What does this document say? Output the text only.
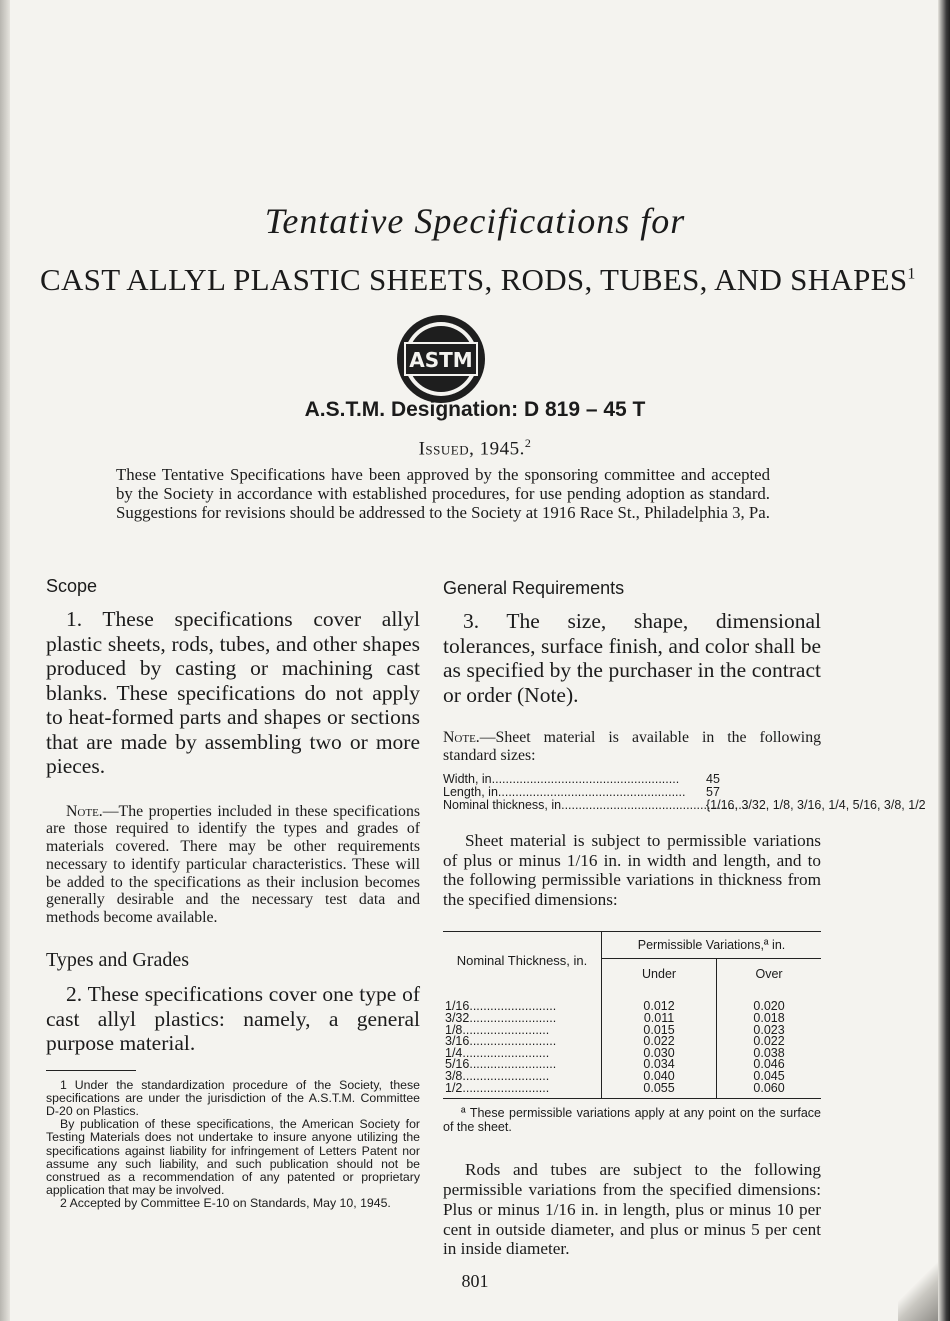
Tentative Specifications for
CAST ALLYL PLASTIC SHEETS, RODS, TUBES, AND SHAPES$^1$
ASTM
A.S.T.M. Designation: D 819 – 45 T
Issued, 1945.$^2$
These Tentative Specifications have been approved by the sponsoring committee and accepted by the Society in accordance with established procedures, for use pending adoption as standard. Suggestions for revisions should be addressed to the Society at 1916 Race St., Philadelphia 3, Pa.
Scope

1. These specifications cover allyl plastic sheets, rods, tubes, and other shapes produced by casting or machining cast blanks. These specifications do not apply to heat-formed parts and shapes or sections that are made by assembling two or more pieces.

Note.—The properties included in these specifications are those required to identify the types and grades of materials covered. There may be other requirements necessary to identify particular characteristics. These will be added to the specifications as their inclusion becomes generally desirable and the necessary test data and methods become available.

Types and Grades

2. These specifications cover one type of cast allyl plastics: namely, a general purpose material.

1 Under the standardization procedure of the Society, these specifications are under the jurisdiction of the A.S.T.M. Committee D-20 on Plastics.

By publication of these specifications, the American Society for Testing Materials does not undertake to insure anyone utilizing the specifications against liability for infringement of Letters Patent nor assume any such liability, and such publication should not be construed as a recommendation of any patented or proprietary application that may be involved.

2 Accepted by Committee E-10 on Standards, May 10, 1945.

General Requirements

3. The size, shape, dimensional tolerances, surface finish, and color shall be as specified by the purchaser in the contract or order (Note).

Note.—Sheet material is available in the following standard sizes:

Width, in...................................................... 45
Length, in...................................................... 57
Nominal thickness, in......................................................
{1/16, 3/32, 1/8, 3/16, 1/4, 5/16, 3/8, 1/2

Sheet material is subject to permissible variations of plus or minus 1/16 in. in width and length, and to the following permissible variations in thickness from the specified dimensions:

Nominal Thickness, in.	Permissible Variations,ª in.	
	Under	Over
1/16.........................	0.012	0.020
3/32.........................	0.011	0.018
1/8.........................	0.015	0.023
3/16.........................	0.022	0.022
1/4.........................	0.030	0.038
5/16.........................	0.034	0.046
3/8.........................	0.040	0.045
1/2.........................	0.055	0.060

ª These permissible variations apply at any point on the surface of the sheet.

Rods and tubes are subject to the following permissible variations from the specified dimensions: Plus or minus 1/16 in. in length, plus or minus 10 per cent in outside diameter, and plus or minus 5 per cent in inside diameter.

801
